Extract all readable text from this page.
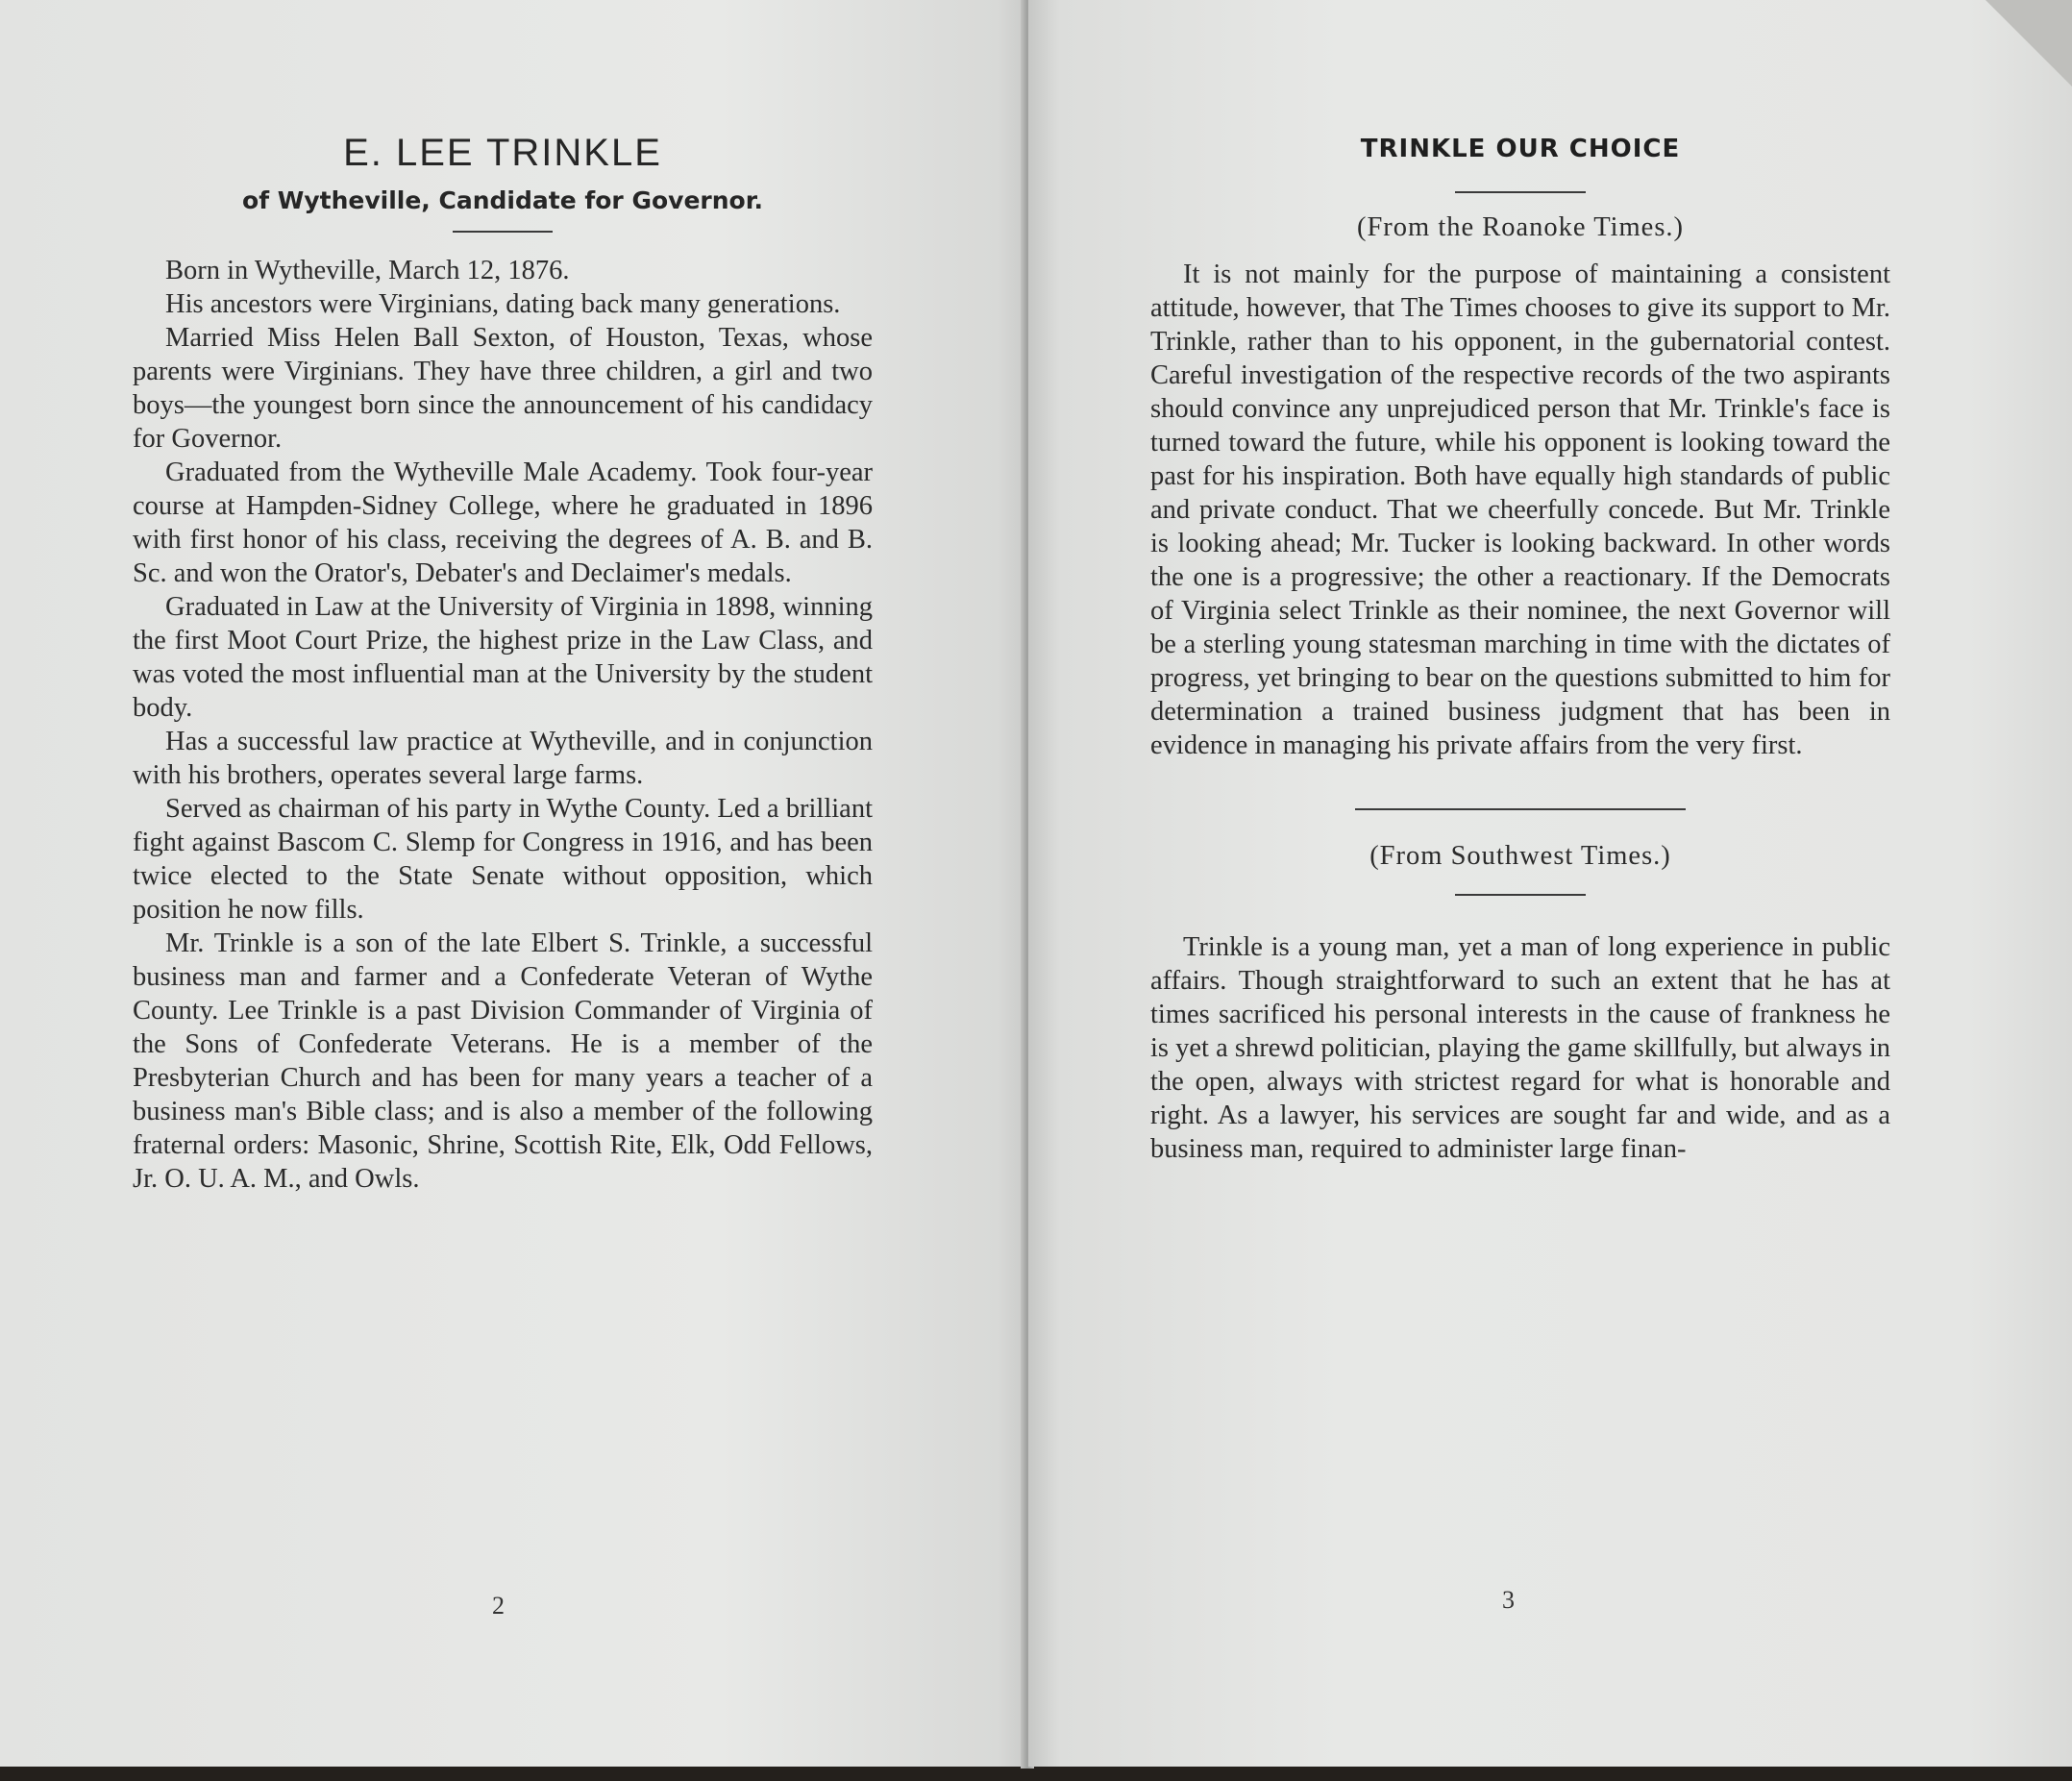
E. LEE TRINKLE
of Wytheville, Candidate for Governor.

Born in Wytheville, March 12, 1876.

His ancestors were Virginians, dating back many generations.

Married Miss Helen Ball Sexton, of Houston, Texas, whose parents were Virginians. They have three children, a girl and two boys—the youngest born since the announcement of his candidacy for Governor.

Graduated from the Wytheville Male Academy. Took four-year course at Hampden-Sidney College, where he graduated in 1896 with first honor of his class, receiving the degrees of A. B. and B. Sc. and won the Orator's, Debater's and Declaimer's medals.

Graduated in Law at the University of Virginia in 1898, winning the first Moot Court Prize, the highest prize in the Law Class, and was voted the most influential man at the University by the student body.

Has a successful law practice at Wytheville, and in conjunction with his brothers, operates several large farms.

Served as chairman of his party in Wythe County. Led a brilliant fight against Bascom C. Slemp for Congress in 1916, and has been twice elected to the State Senate without opposition, which position he now fills.

Mr. Trinkle is a son of the late Elbert S. Trinkle, a successful business man and farmer and a Confederate Veteran of Wythe County. Lee Trinkle is a past Division Commander of Virginia of the Sons of Confederate Veterans. He is a member of the Presbyterian Church and has been for many years a teacher of a business man's Bible class; and is also a member of the following fraternal orders: Masonic, Shrine, Scottish Rite, Elk, Odd Fellows, Jr. O. U. A. M., and Owls.

2
TRINKLE OUR CHOICE
(From the Roanoke Times.)

It is not mainly for the purpose of maintaining a consistent attitude, however, that The Times chooses to give its support to Mr. Trinkle, rather than to his opponent, in the gubernatorial contest. Careful investigation of the respective records of the two aspirants should convince any unprejudiced person that Mr. Trinkle's face is turned toward the future, while his opponent is looking toward the past for his inspiration. Both have equally high standards of public and private conduct. That we cheerfully concede. But Mr. Trinkle is looking ahead; Mr. Tucker is looking backward. In other words the one is a progressive; the other a reactionary. If the Democrats of Virginia select Trinkle as their nominee, the next Governor will be a sterling young statesman marching in time with the dictates of progress, yet bringing to bear on the questions submitted to him for determination a trained business judgment that has been in evidence in managing his private affairs from the very first.

(From Southwest Times.)

Trinkle is a young man, yet a man of long experience in public affairs. Though straightforward to such an extent that he has at times sacrificed his personal interests in the cause of frankness he is yet a shrewd politician, playing the game skillfully, but always in the open, always with strictest regard for what is honorable and right. As a lawyer, his services are sought far and wide, and as a business man, required to administer large finan-

3
